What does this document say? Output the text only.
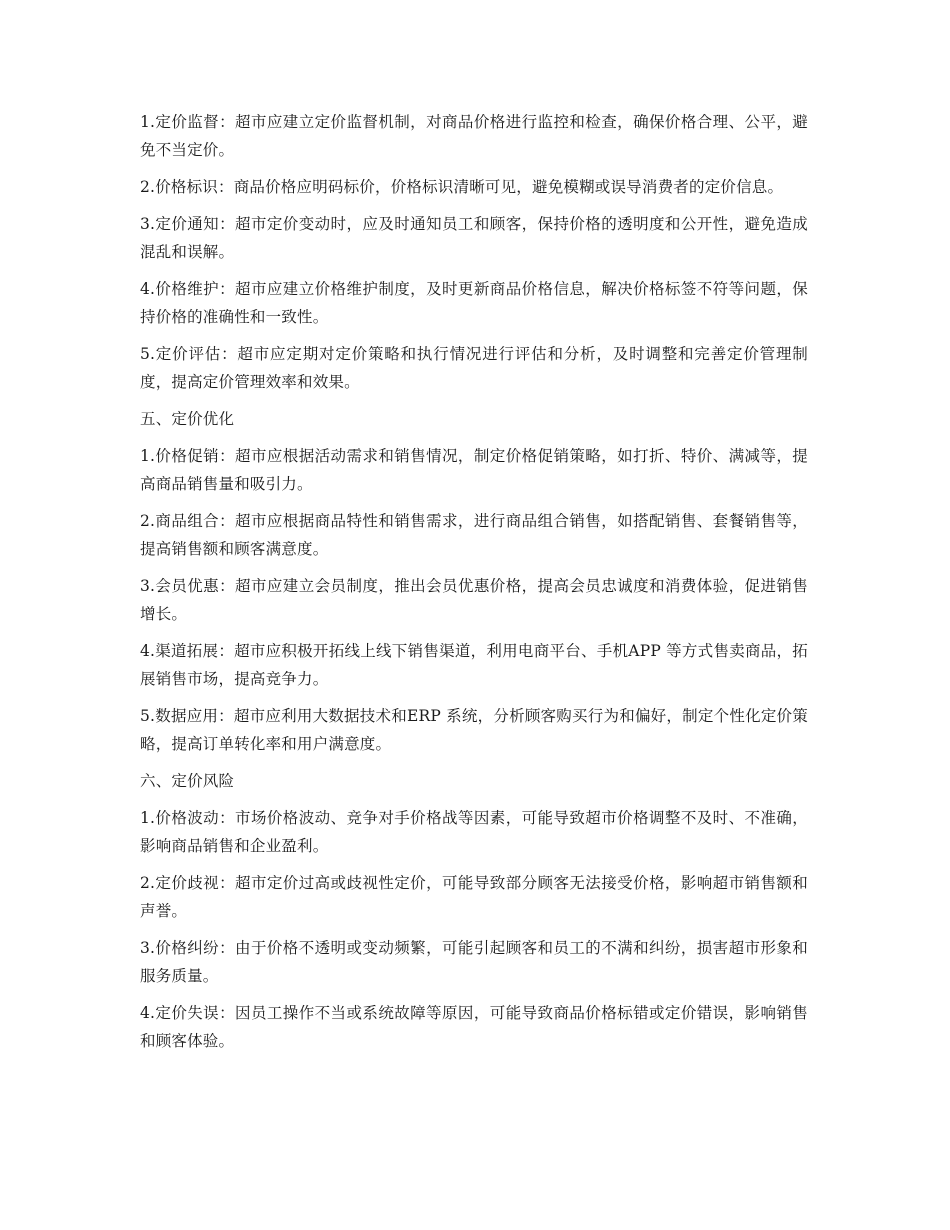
1.定价监督：超市应建立定价监督机制，对商品价格进行监控和检查，确保价格合理、公平，避免不当定价。

2.价格标识：商品价格应明码标价，价格标识清晰可见，避免模糊或误导消费者的定价信息。

3.定价通知：超市定价变动时，应及时通知员工和顾客，保持价格的透明度和公开性，避免造成混乱和误解。

4.价格维护：超市应建立价格维护制度，及时更新商品价格信息，解决价格标签不符等问题，保持价格的准确性和一致性。

5.定价评估：超市应定期对定价策略和执行情况进行评估和分析，及时调整和完善定价管理制度，提高定价管理效率和效果。

五、定价优化

1.价格促销：超市应根据活动需求和销售情况，制定价格促销策略，如打折、特价、满减等，提高商品销售量和吸引力。

2.商品组合：超市应根据商品特性和销售需求，进行商品组合销售，如搭配销售、套餐销售等，提高销售额和顾客满意度。

3.会员优惠：超市应建立会员制度，推出会员优惠价格，提高会员忠诚度和消费体验，促进销售增长。

4.渠道拓展：超市应积极开拓线上线下销售渠道，利用电商平台、手机APP 等方式售卖商品，拓展销售市场，提高竞争力。

5.数据应用：超市应利用大数据技术和ERP 系统，分析顾客购买行为和偏好，制定个性化定价策略，提高订单转化率和用户满意度。

六、定价风险

1.价格波动：市场价格波动、竞争对手价格战等因素，可能导致超市价格调整不及时、不准确，影响商品销售和企业盈利。

2.定价歧视：超市定价过高或歧视性定价，可能导致部分顾客无法接受价格，影响超市销售额和声誉。

3.价格纠纷：由于价格不透明或变动频繁，可能引起顾客和员工的不满和纠纷，损害超市形象和服务质量。

4.定价失误：因员工操作不当或系统故障等原因，可能导致商品价格标错或定价错误，影响销售和顾客体验。
